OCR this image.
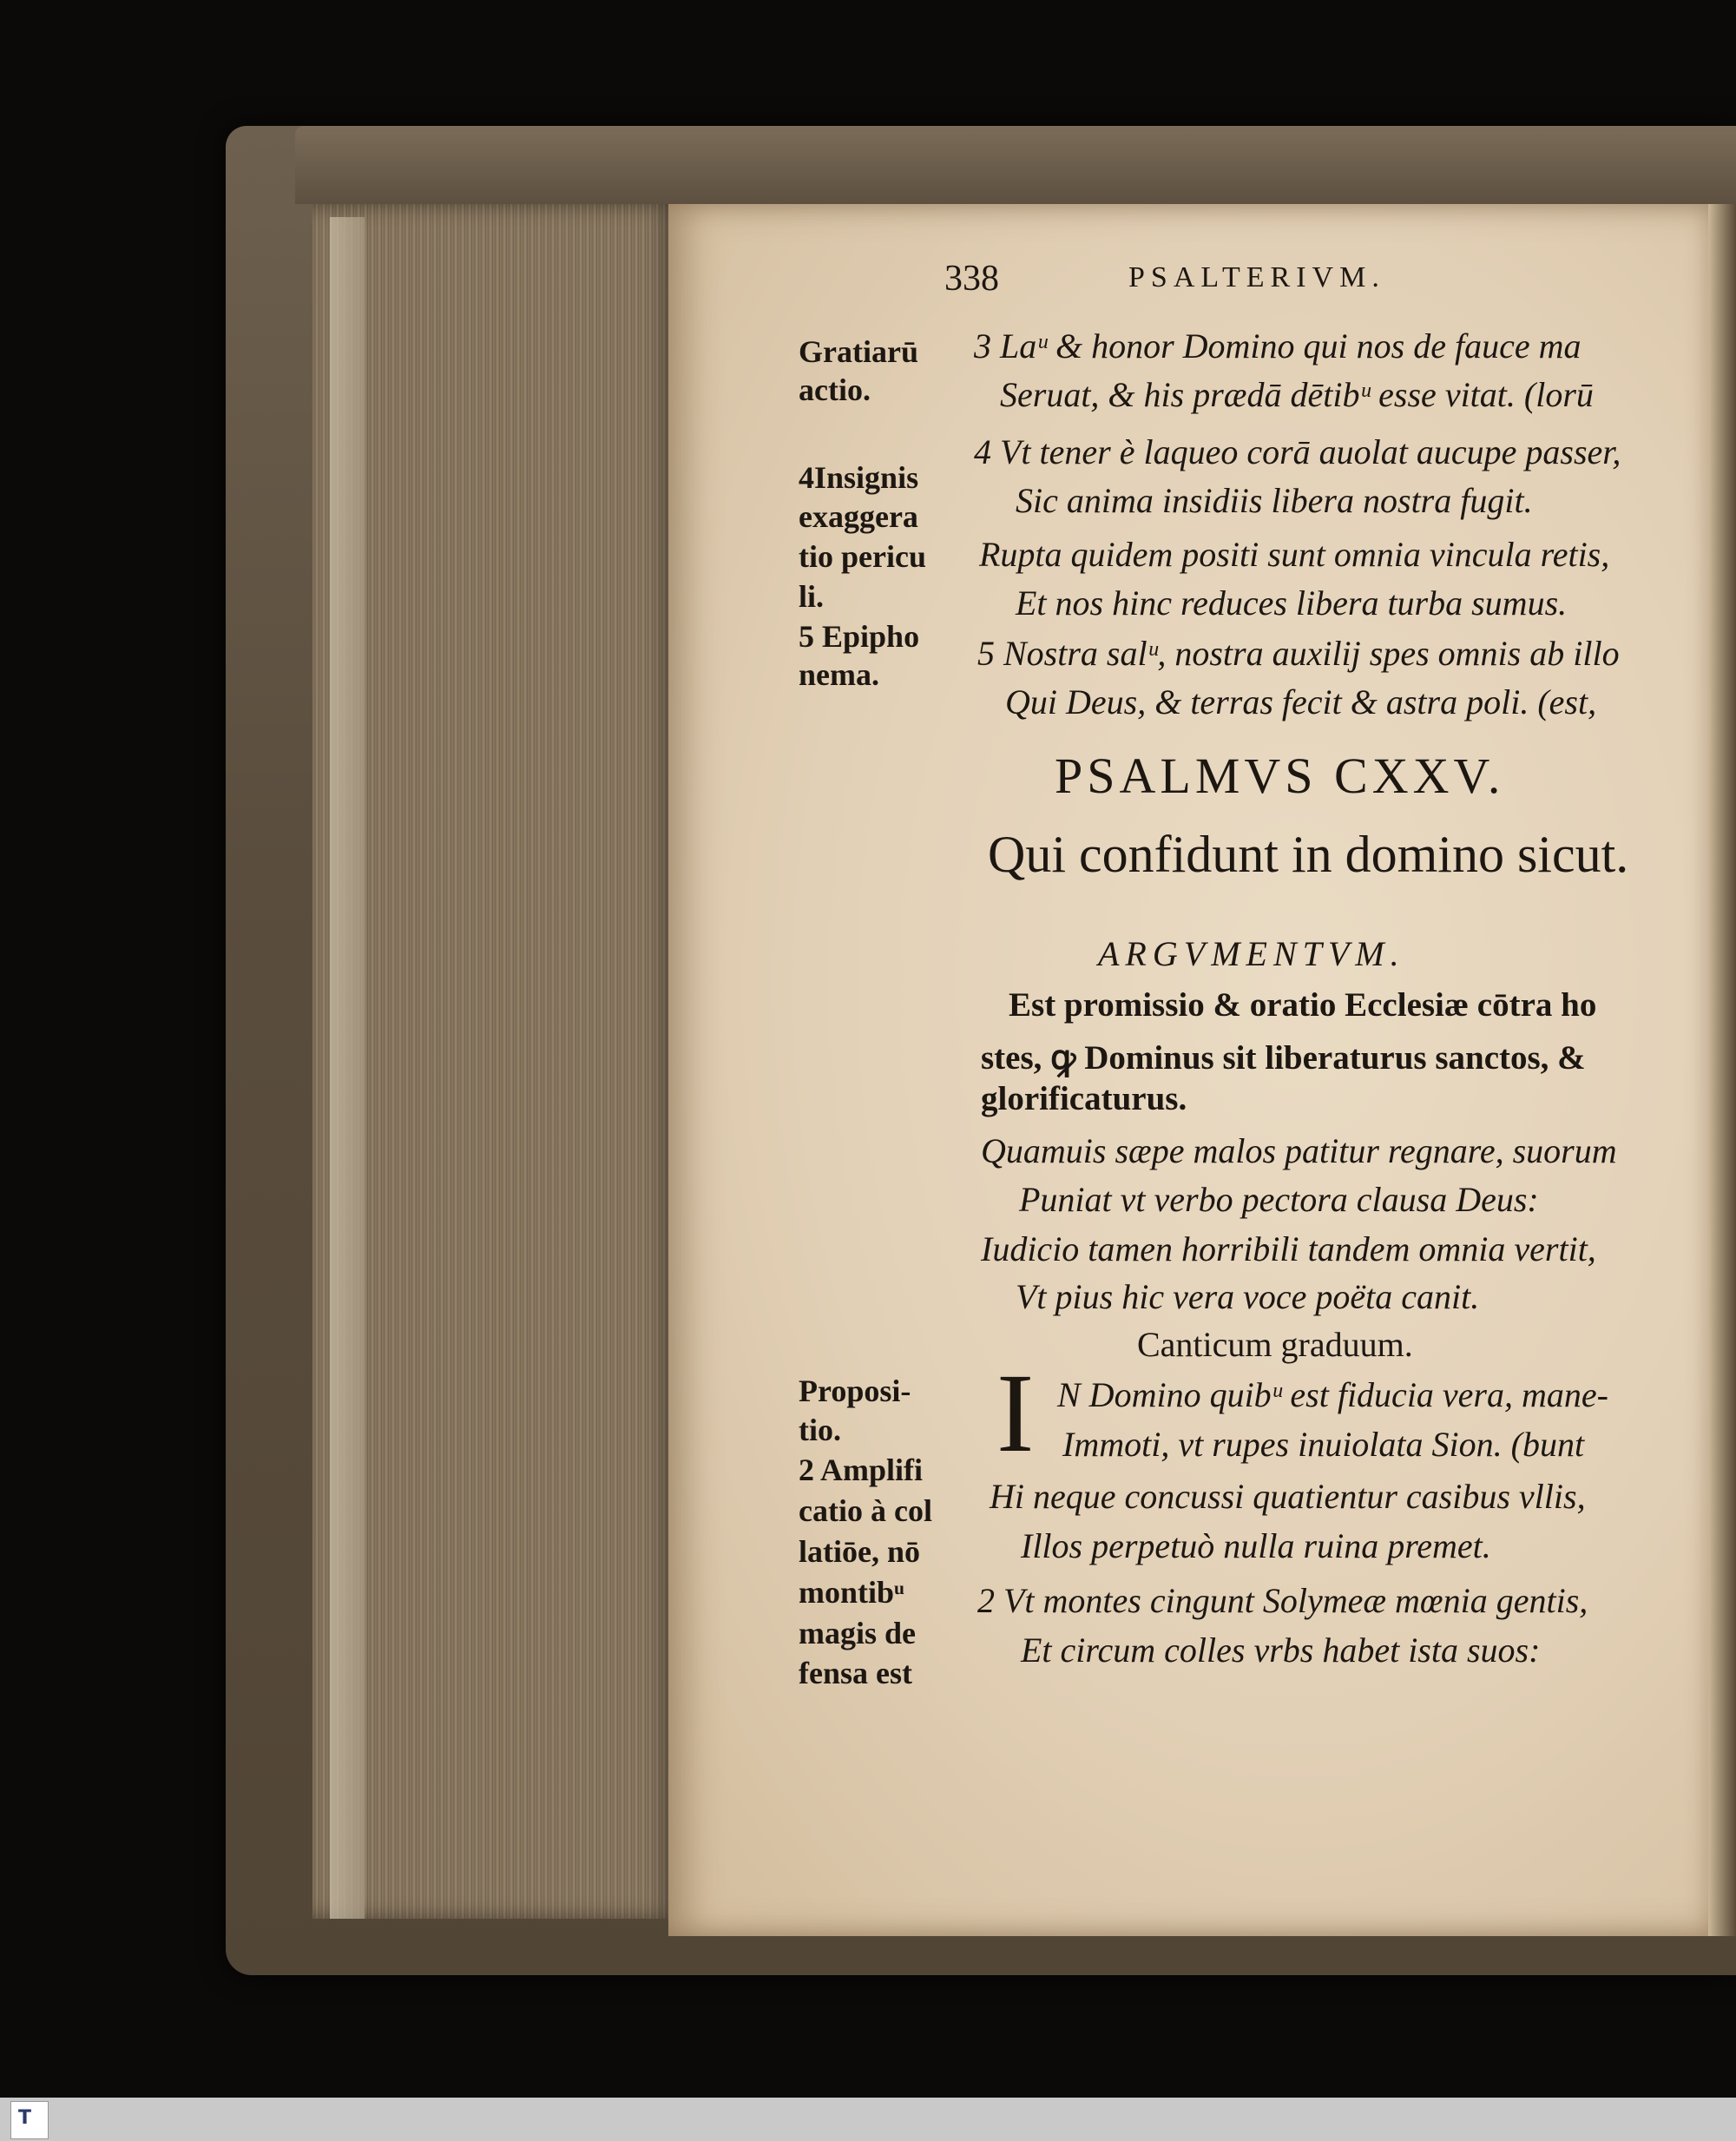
338	PSALTERIVM.
Gratiarū
actio.
4Insignis
exaggera
tio pericu
li.
5 Epipho
nema.
3 Laᵘ & honor Domino qui nos de fauce ma
Seruat, & his prædā dētibᵘ esse vitat. (lorū
4 Vt tener è laqueo corā auolat aucupe passer,
Sic anima insidiis libera nostra fugit.
Rupta quidem positi sunt omnia vincula retis,
Et nos hinc reduces libera turba sumus.
5 Nostra salᵘ, nostra auxilij spes omnis ab illo
Qui Deus, & terras fecit & astra poli. (est,
PSALMVS CXXV.
Qui confidunt in domino sicut.
ARGVMENTVM.
Est promissio & oratio Ecclesiæ cōtra ho
stes, ꝙ Dominus sit liberaturus sanctos, &
glorificaturus.
Quamuis sæpe malos patitur regnare, suorum
Puniat vt verbo pectora clausa Deus:
Iudicio tamen horribili tandem omnia vertit,
Vt pius hic vera voce poëta canit.
Canticum graduum.
Proposi-
tio.
2 Amplifi
catio à col
latiōe, nō
montibᵘ
magis de
fensa est
I N Domino quibᵘ est fiducia vera, mane-
Immoti, vt rupes inuiolata Sion. (bunt
Hi neque concussi quatientur casibus vllis,
Illos perpetuò nulla ruina premet.
2 Vt montes cingunt Solymeæ mœnia gentis,
Et circum colles vrbs habet ista suos:
T
